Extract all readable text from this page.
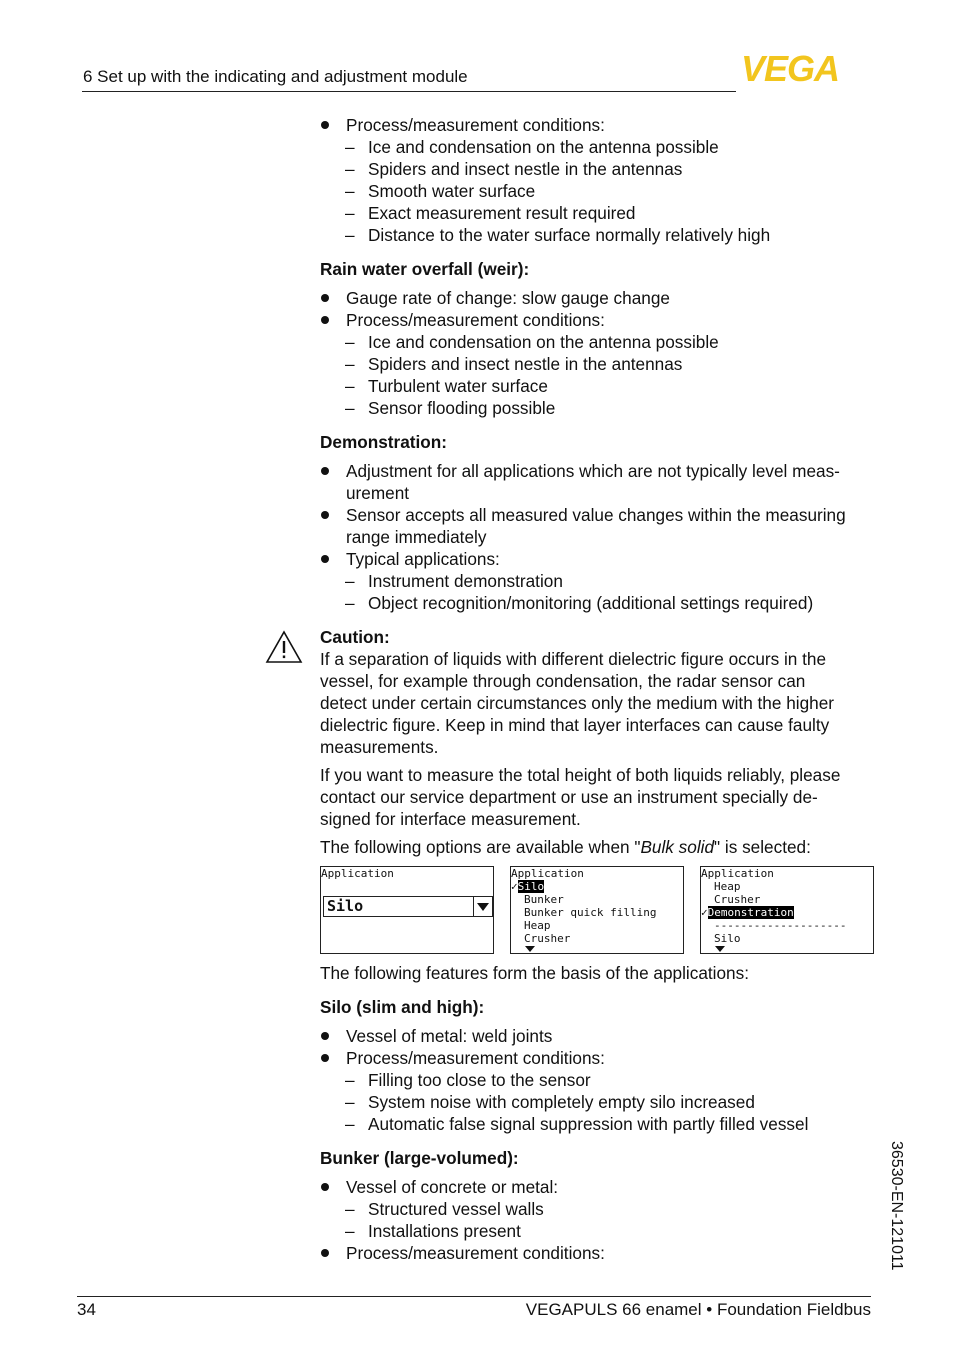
6 Set up with the indicating and adjustment module	VEGA
Process/measurement conditions:
– Ice and condensation on the antenna possible
– Spiders and insect nestle in the antennas
– Smooth water surface
– Exact measurement result required
– Distance to the water surface normally relatively high
Rain water overfall (weir):
Gauge rate of change: slow gauge change
Process/measurement conditions:
– Ice and condensation on the antenna possible
– Spiders and insect nestle in the antennas
– Turbulent water surface
– Sensor flooding possible
Demonstration:
Adjustment for all applications which are not typically level meas-
urement
Sensor accepts all measured value changes within the measuring
range immediately
Typical applications:
– Instrument demonstration
– Object recognition/monitoring (additional settings required)
Caution:
If a separation of liquids with different dielectric figure occurs in the
vessel, for example through condensation, the radar sensor can
detect under certain circumstances only the medium with the higher
dielectric figure. Keep in mind that layer interfaces can cause faulty
measurements.
If you want to measure the total height of both liquids reliably, please
contact our service department or use an instrument specially de-
signed for interface measurement.
The following options are available when "Bulk solid" is selected:
Application
Silo
Application
✓Silo
Bunker
Bunker quick filling
Heap
Crusher
Application
Heap
Crusher
✓Demonstration
--------------------
Silo
The following features form the basis of the applications:
Silo (slim and high):
Vessel of metal: weld joints
Process/measurement conditions:
– Filling too close to the sensor
– System noise with completely empty silo increased
– Automatic false signal suppression with partly filled vessel
Bunker (large-volumed):
Vessel of concrete or metal:
– Structured vessel walls
– Installations present
Process/measurement conditions:	36530-EN-121011
34	VEGAPULS 66 enamel • Foundation Fieldbus
